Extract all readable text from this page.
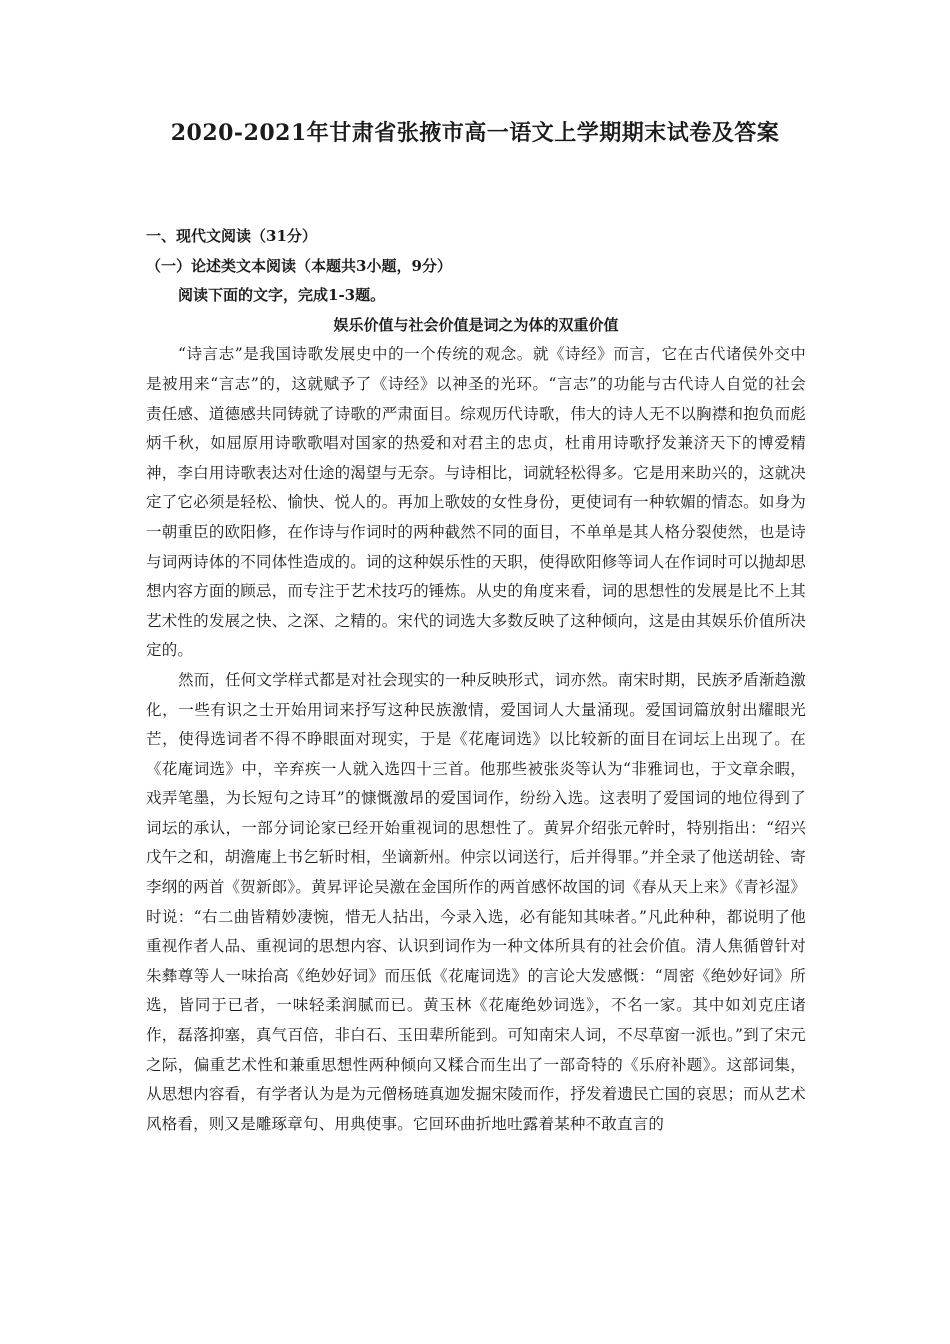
2020-2021年甘肃省张掖市高一语文上学期期末试卷及答案

一、现代文阅读（31分）

（一）论述类文本阅读（本题共3小题，9分）

阅读下面的文字，完成1-3题。

娱乐价值与社会价值是词之为体的双重价值

“诗言志”是我国诗歌发展史中的一个传统的观念。就《诗经》而言，它在古代诸侯外交中是被用来“言志”的，这就赋予了《诗经》以神圣的光环。“言志”的功能与古代诗人自觉的社会责任感、道德感共同铸就了诗歌的严肃面目。综观历代诗歌，伟大的诗人无不以胸襟和抱负而彪炳千秋，如屈原用诗歌歌唱对国家的热爱和对君主的忠贞，杜甫用诗歌抒发兼济天下的博爱精神，李白用诗歌表达对仕途的渴望与无奈。与诗相比，词就轻松得多。它是用来助兴的，这就决定了它必须是轻松、愉快、悦人的。再加上歌妓的女性身份，更使词有一种软媚的情态。如身为一朝重臣的欧阳修，在作诗与作词时的两种截然不同的面目，不单单是其人格分裂使然，也是诗与词两诗体的不同体性造成的。词的这种娱乐性的天职，使得欧阳修等词人在作词时可以抛却思想内容方面的顾忌，而专注于艺术技巧的锤炼。从史的角度来看，词的思想性的发展是比不上其艺术性的发展之快、之深、之精的。宋代的词选大多数反映了这种倾向，这是由其娱乐价值所决定的。

然而，任何文学样式都是对社会现实的一种反映形式，词亦然。南宋时期，民族矛盾渐趋激化，一些有识之士开始用词来抒写这种民族激情，爱国词人大量涌现。爱国词篇放射出耀眼光芒，使得选词者不得不睁眼面对现实，于是《花庵词选》以比较新的面目在词坛上出现了。在《花庵词选》中，辛弃疾一人就入选四十三首。他那些被张炎等认为“非雅词也，于文章余暇，戏弄笔墨，为长短句之诗耳”的慷慨激昂的爱国词作，纷纷入选。这表明了爱国词的地位得到了词坛的承认，一部分词论家已经开始重视词的思想性了。黄昇介绍张元幹时，特别指出：“绍兴戊午之和，胡澹庵上书乞斩时相，坐谪新州。仲宗以词送行，后并得罪。”并全录了他送胡铨、寄李纲的两首《贺新郎》。黄昇评论吴激在金国所作的两首感怀故国的词《春从天上来》《青衫湿》时说：“右二曲皆精妙凄惋，惜无人拈出，今录入选，必有能知其味者。”凡此种种，都说明了他重视作者人品、重视词的思想内容、认识到词作为一种文体所具有的社会价值。清人焦循曾针对朱彝尊等人一味抬高《绝妙好词》而压低《花庵词选》的言论大发感慨：“周密《绝妙好词》所选，皆同于已者，一味轻柔润腻而已。黄玉林《花庵绝妙词选》，不名一家。其中如刘克庄诸作，磊落抑塞，真气百倍，非白石、玉田辈所能到。可知南宋人词，不尽草窗一派也。”到了宋元之际，偏重艺术性和兼重思想性两种倾向又糅合而生出了一部奇特的《乐府补题》。这部词集，从思想内容看，有学者认为是为元僧杨琏真迦发掘宋陵而作，抒发着遗民亡国的哀思；而从艺术风格看，则又是雕琢章句、用典使事。它回环曲折地吐露着某种不敢直言的
